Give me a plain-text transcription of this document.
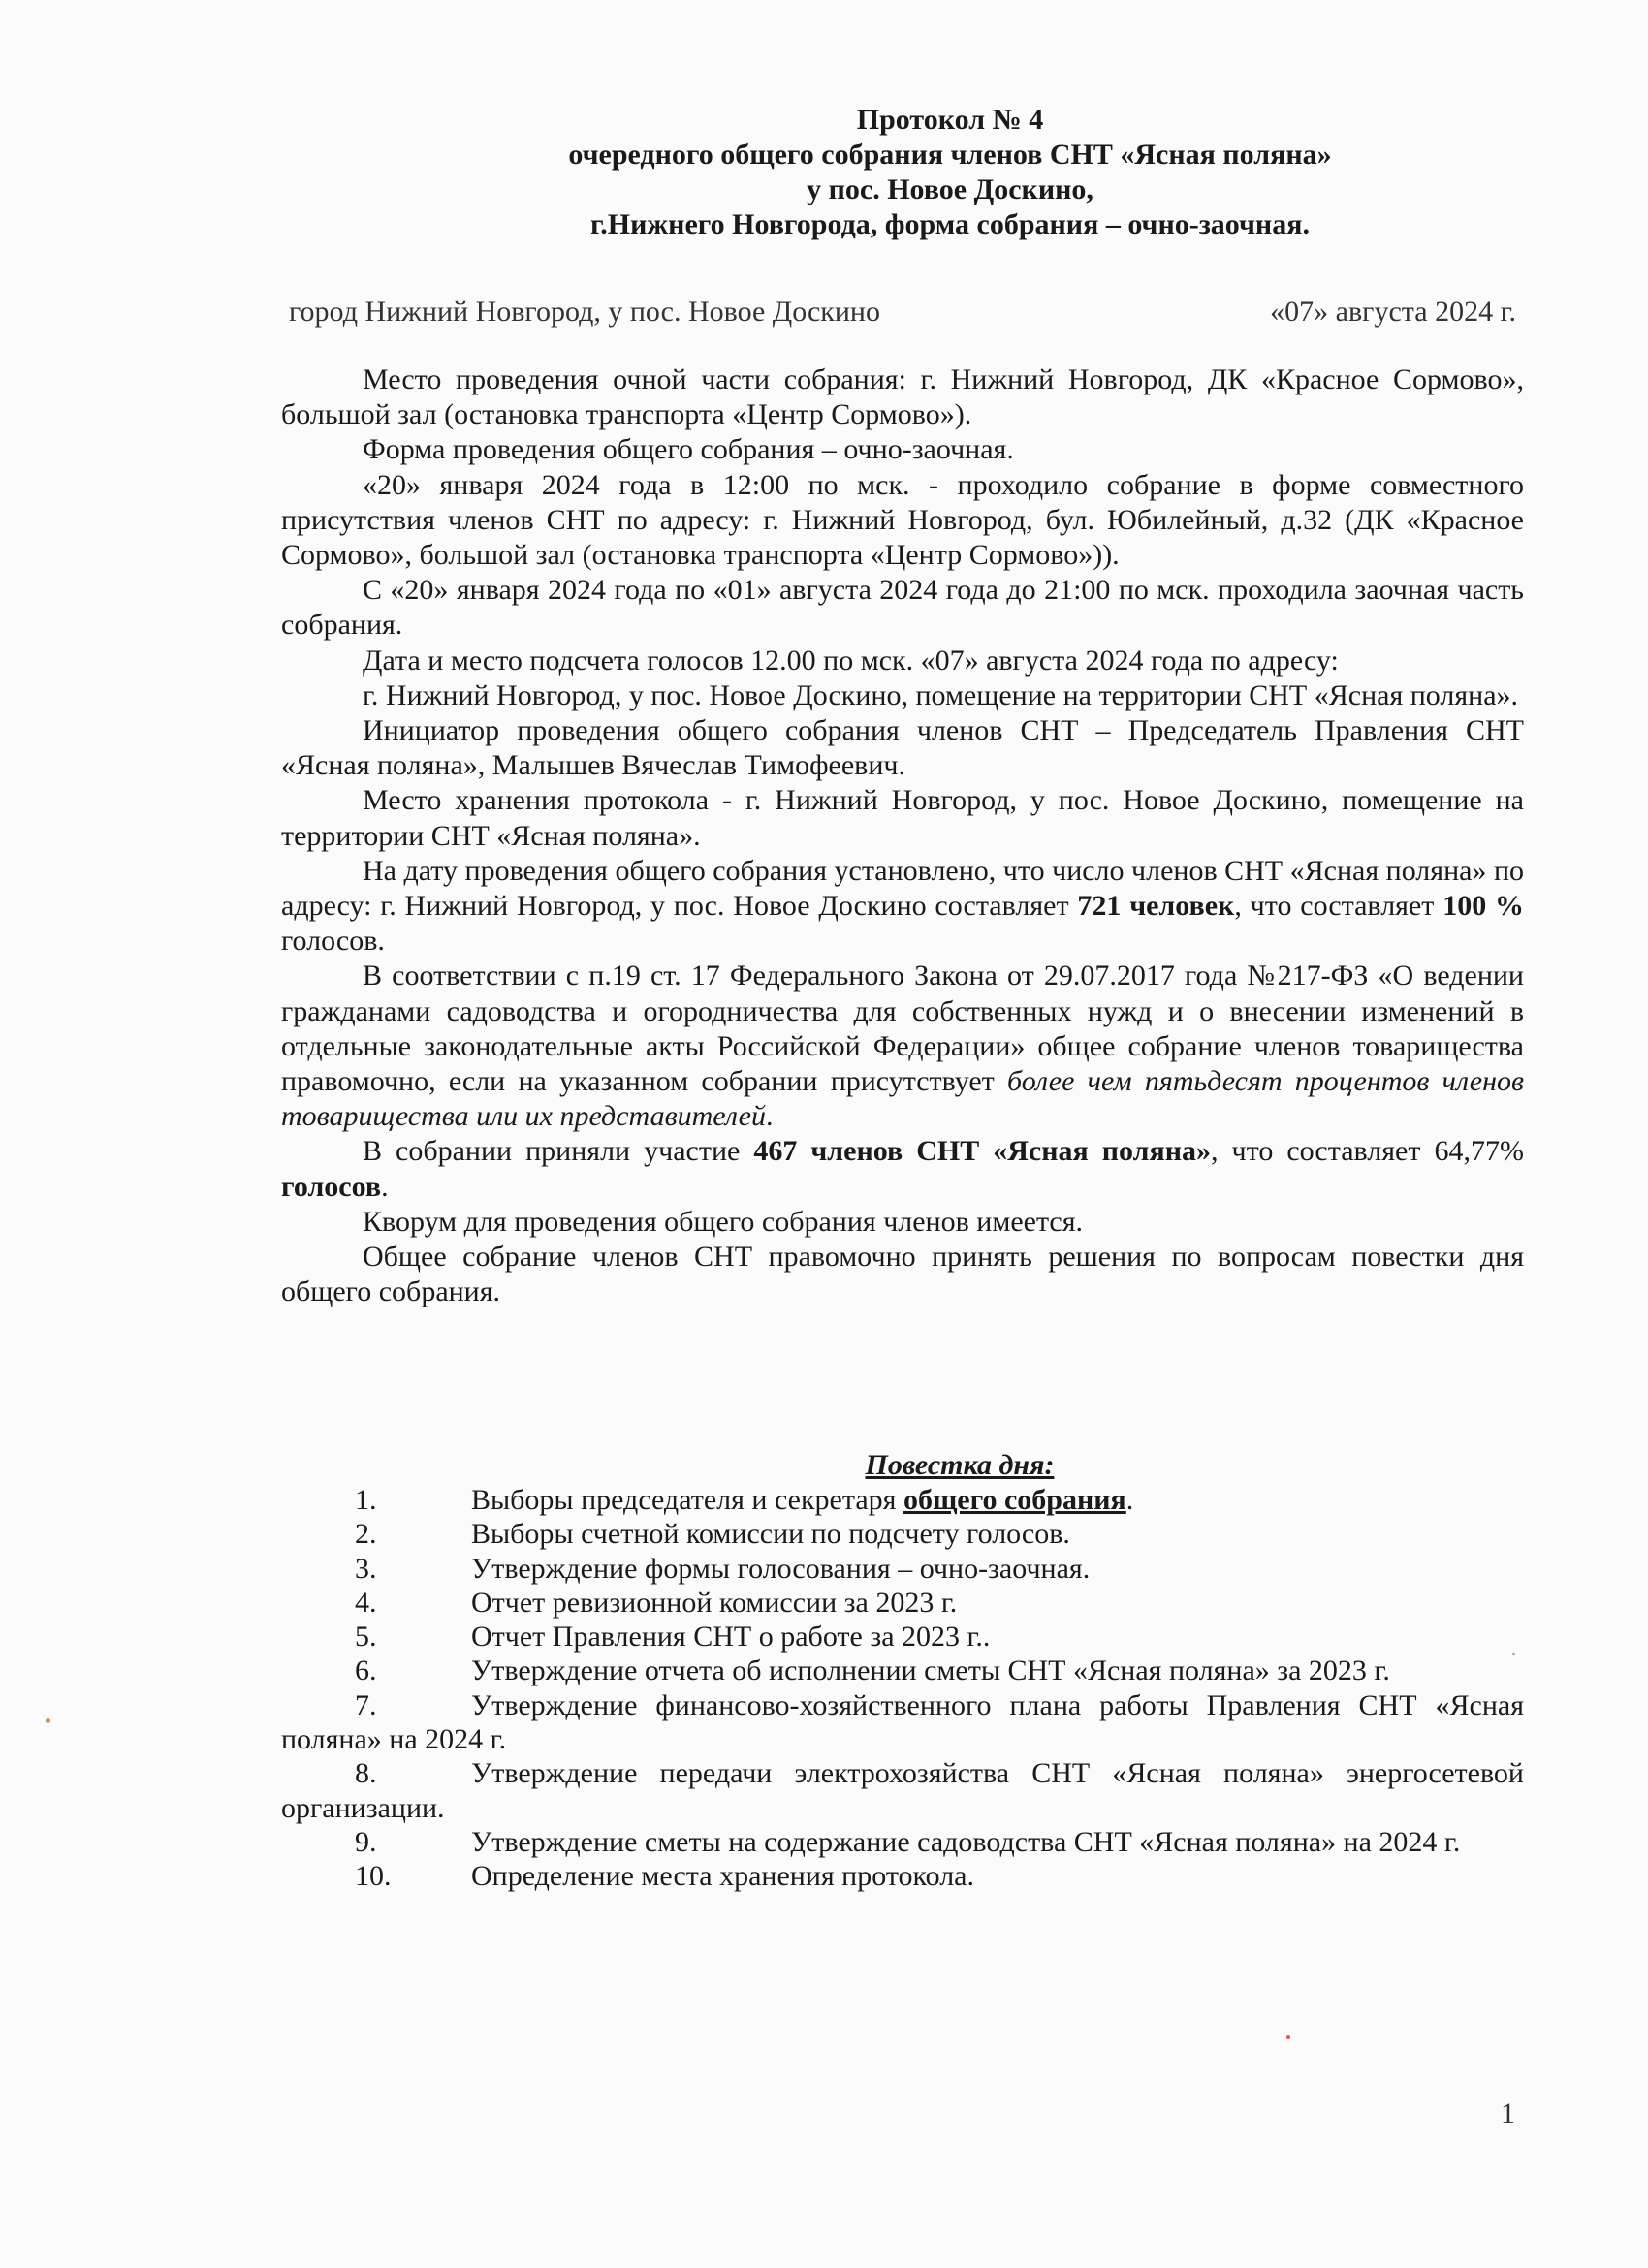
Протокол № 4
очередного общего собрания членов СНТ «Ясная поляна»
у пос. Новое Доскино,
г.Нижнего Новгорода, форма собрания – очно-заочная.
город Нижний Новгород, у пос. Новое Доскино	«07» августа 2024 г.

Место проведения очной части собрания: г. Нижний Новгород, ДК «Красное Сормово», большой зал (остановка транспорта «Центр Сормово»).

Форма проведения общего собрания – очно-заочная.

«20» января 2024 года в 12:00 по мск. - проходило собрание в форме совместного присутствия членов СНТ по адресу: г. Нижний Новгород, бул. Юбилейный, д.32 (ДК «Красное Сормово», большой зал (остановка транспорта «Центр Сормово»)).

С «20» января 2024 года по «01» августа 2024 года до 21:00 по мск. проходила заочная часть собрания.

Дата и место подсчета голосов 12.00 по мск. «07» августа 2024 года по адресу:

г. Нижний Новгород, у пос. Новое Доскино, помещение на территории СНТ «Ясная поляна».

Инициатор проведения общего собрания членов СНТ – Председатель Правления СНТ «Ясная поляна», Малышев Вячеслав Тимофеевич.

Место хранения протокола - г. Нижний Новгород, у пос. Новое Доскино, помещение на территории СНТ «Ясная поляна».

На дату проведения общего собрания установлено, что число членов СНТ «Ясная поляна» по адресу: г. Нижний Новгород, у пос. Новое Доскино составляет 721 человек, что составляет 100 % голосов.

В соответствии с п.19 ст. 17 Федерального Закона от 29.07.2017 года №217-ФЗ «О ведении гражданами садоводства и огородничества для собственных нужд и о внесении изменений в отдельные законодательные акты Российской Федерации» общее собрание членов товарищества правомочно, если на указанном собрании присутствует более чем пятьдесят процентов членов товарищества или их представителей.

В собрании приняли участие 467 членов СНТ «Ясная поляна», что составляет 64,77% голосов.

Кворум для проведения общего собрания членов имеется.

Общее собрание членов СНТ правомочно принять решения по вопросам повестки дня общего собрания.

Повестка дня:
1.	Выборы председателя и секретаря общего собрания.
2.	Выборы счетной комиссии по подсчету голосов.
3.	Утверждение формы голосования – очно-заочная.
4.	Отчет ревизионной комиссии за 2023 г.
5.	Отчет Правления СНТ о работе за 2023 г..
6.	Утверждение отчета об исполнении сметы СНТ «Ясная поляна» за 2023 г.
7.	Утверждение финансово-хозяйственного плана работы Правления СНТ «Ясная поляна» на 2024 г.
8.	Утверждение передачи электрохозяйства СНТ «Ясная поляна» энергосетевой организации.
9.	Утверждение сметы на содержание садоводства СНТ «Ясная поляна» на 2024 г.
10.	Определение места хранения протокола.
1
